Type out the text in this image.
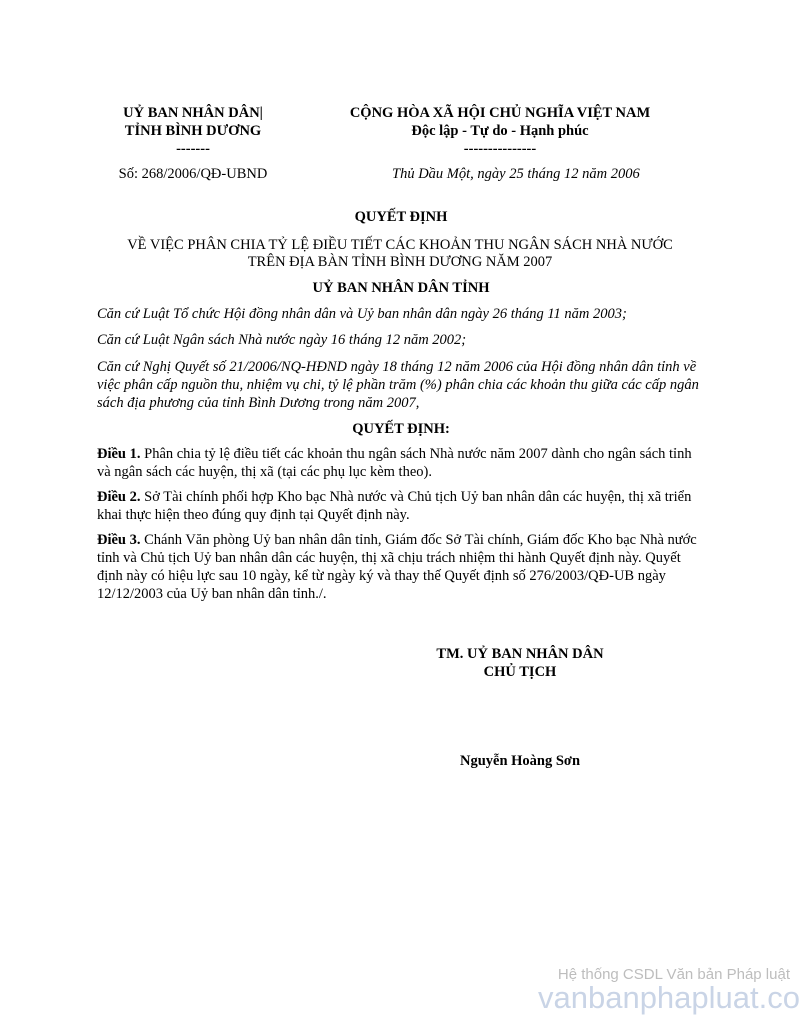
UỶ BAN NHÂN DÂN|
TỈNH BÌNH DƯƠNG
-------
CỘNG HÒA XÃ HỘI CHỦ NGHĨA VIỆT NAM
Độc lập - Tự do - Hạnh phúc
---------------
Số: 268/2006/QĐ-UBND	Thủ Dầu Một, ngày 25 tháng 12 năm 2006
QUYẾT ĐỊNH
VỀ VIỆC PHÂN CHIA TỶ LỆ ĐIỀU TIẾT CÁC KHOẢN THU NGÂN SÁCH NHÀ NƯỚC
TRÊN ĐỊA BÀN TỈNH BÌNH DƯƠNG NĂM 2007
UỶ BAN NHÂN DÂN TỈNH
Căn cứ Luật Tổ chức Hội đồng nhân dân và Uỷ ban nhân dân ngày 26 tháng 11 năm 2003;
Căn cứ Luật Ngân sách Nhà nước ngày 16 tháng 12 năm 2002;
Căn cứ Nghị Quyết số 21/2006/NQ-HĐND ngày 18 tháng 12 năm 2006 của Hội đồng nhân dân tỉnh về việc phân cấp nguồn thu, nhiệm vụ chi, tỷ lệ phần trăm (%) phân chia các khoản thu giữa các cấp ngân sách địa phương của tỉnh Bình Dương trong năm 2007,
QUYẾT ĐỊNH:
Điều 1. Phân chia tỷ lệ điều tiết các khoản thu ngân sách Nhà nước năm 2007 dành cho ngân sách tỉnh và ngân sách các huyện, thị xã (tại các phụ lục kèm theo).
Điều 2. Sở Tài chính phối hợp Kho bạc Nhà nước và Chủ tịch Uỷ ban nhân dân các huyện, thị xã triển khai thực hiện theo đúng quy định tại Quyết định này.
Điều 3. Chánh Văn phòng Uỷ ban nhân dân tỉnh, Giám đốc Sở Tài chính, Giám đốc Kho bạc Nhà nước tỉnh và Chủ tịch Uỷ ban nhân dân các huyện, thị xã chịu trách nhiệm thi hành Quyết định này. Quyết định này có hiệu lực sau 10 ngày, kể từ ngày ký và thay thế Quyết định số 276/2003/QĐ-UB ngày 12/12/2003 của Uỷ ban nhân dân tỉnh./.
TM. UỶ BAN NHÂN DÂN
CHỦ TỊCH
Nguyễn Hoàng Sơn
Hệ thống CSDL Văn bản Pháp luật
vanbanphapluat.co
